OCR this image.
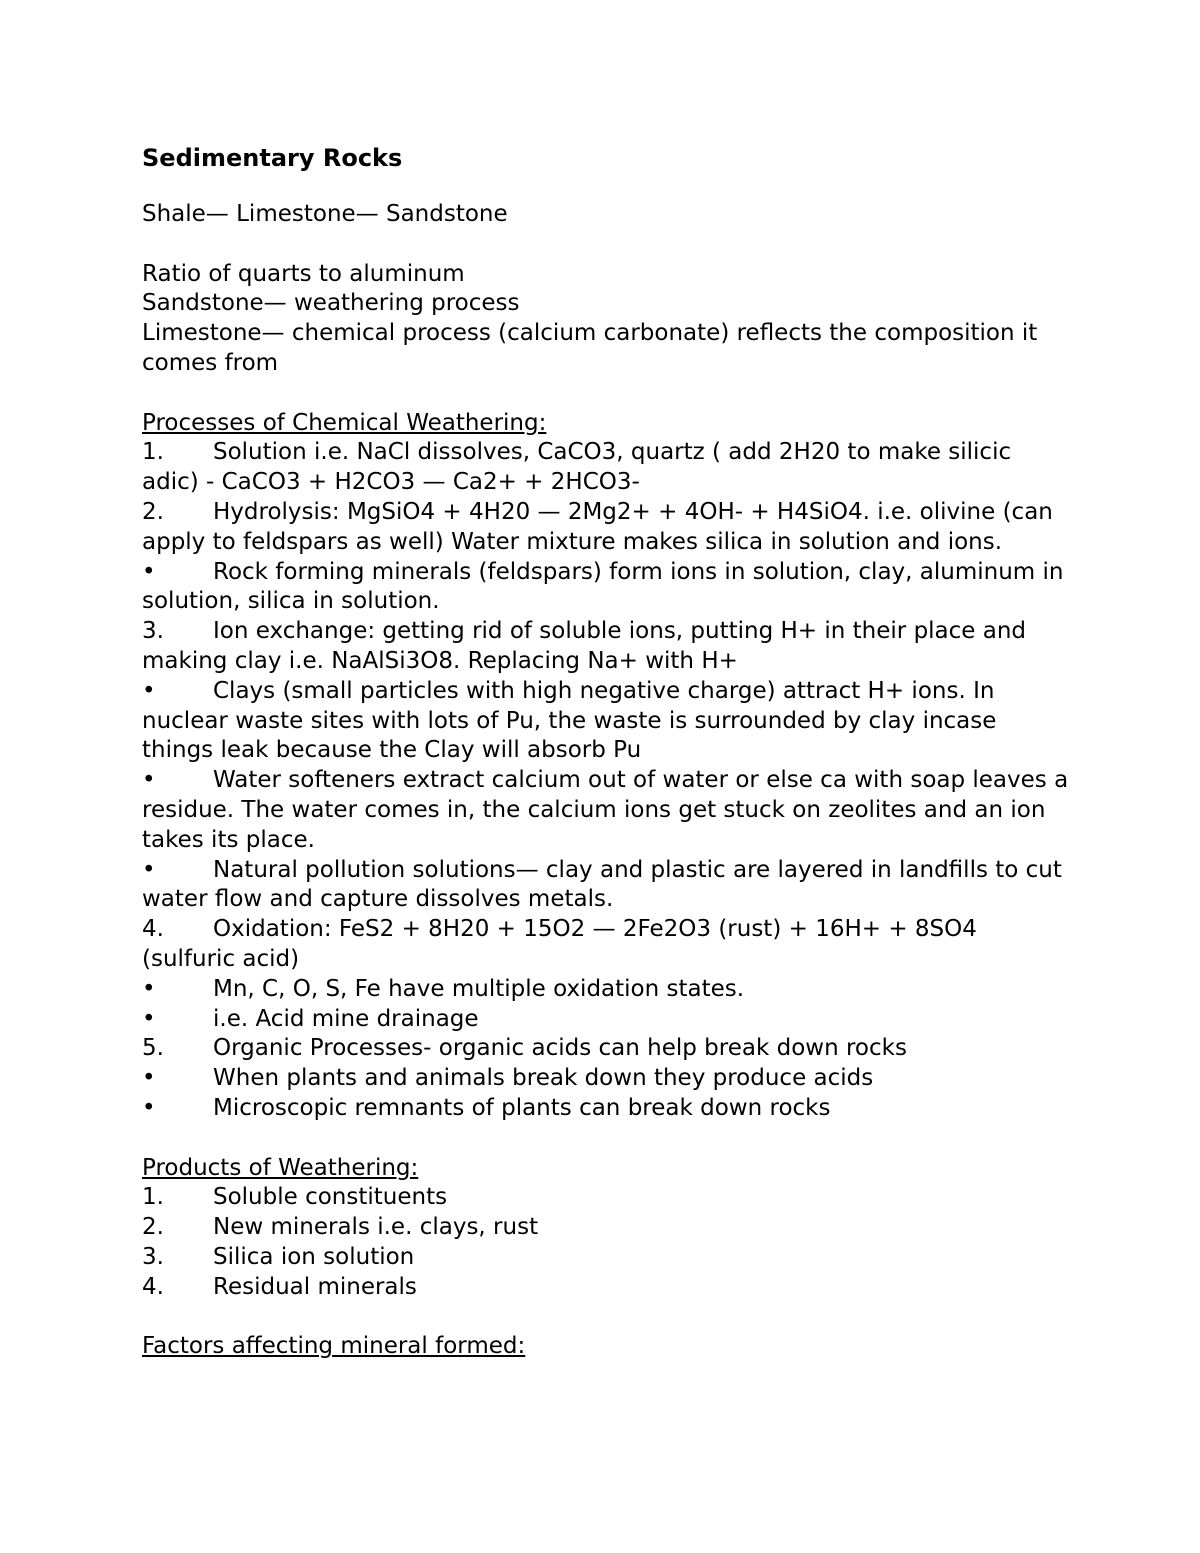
Sedimentary Rocks

Shale— Limestone— Sandstone

Ratio of quarts to aluminum

Sandstone— weathering process

Limestone— chemical process (calcium carbonate) reflects the composition it comes from

Processes of Chemical Weathering:

1. Solution i.e. NaCl dissolves, CaCO3, quartz ( add 2H20 to make silicic adic) - CaCO3 + H2CO3 — Ca2+ + 2HCO3-

2. Hydrolysis: MgSiO4 + 4H20 — 2Mg2+ + 4OH- + H4SiO4. i.e. olivine (can apply to feldspars as well) Water mixture makes silica in solution and ions.

• Rock forming minerals (feldspars) form ions in solution, clay, aluminum in solution, silica in solution.

3. Ion exchange: getting rid of soluble ions, putting H+ in their place and making clay i.e. NaAlSi3O8. Replacing Na+ with H+

• Clays (small particles with high negative charge) attract H+ ions. In nuclear waste sites with lots of Pu, the waste is surrounded by clay incase things leak because the Clay will absorb Pu

• Water softeners extract calcium out of water or else ca with soap leaves a residue. The water comes in, the calcium ions get stuck on zeolites and an ion takes its place.

• Natural pollution solutions— clay and plastic are layered in landfills to cut water flow and capture dissolves metals.

4. Oxidation: FeS2 + 8H20 + 15O2 — 2Fe2O3 (rust) + 16H+ + 8SO4 (sulfuric acid)

• Mn, C, O, S, Fe have multiple oxidation states.

• i.e. Acid mine drainage

5. Organic Processes- organic acids can help break down rocks

• When plants and animals break down they produce acids

• Microscopic remnants of plants can break down rocks

Products of Weathering:

1. Soluble constituents

2. New minerals i.e. clays, rust

3. Silica ion solution

4. Residual minerals

Factors affecting mineral formed:
